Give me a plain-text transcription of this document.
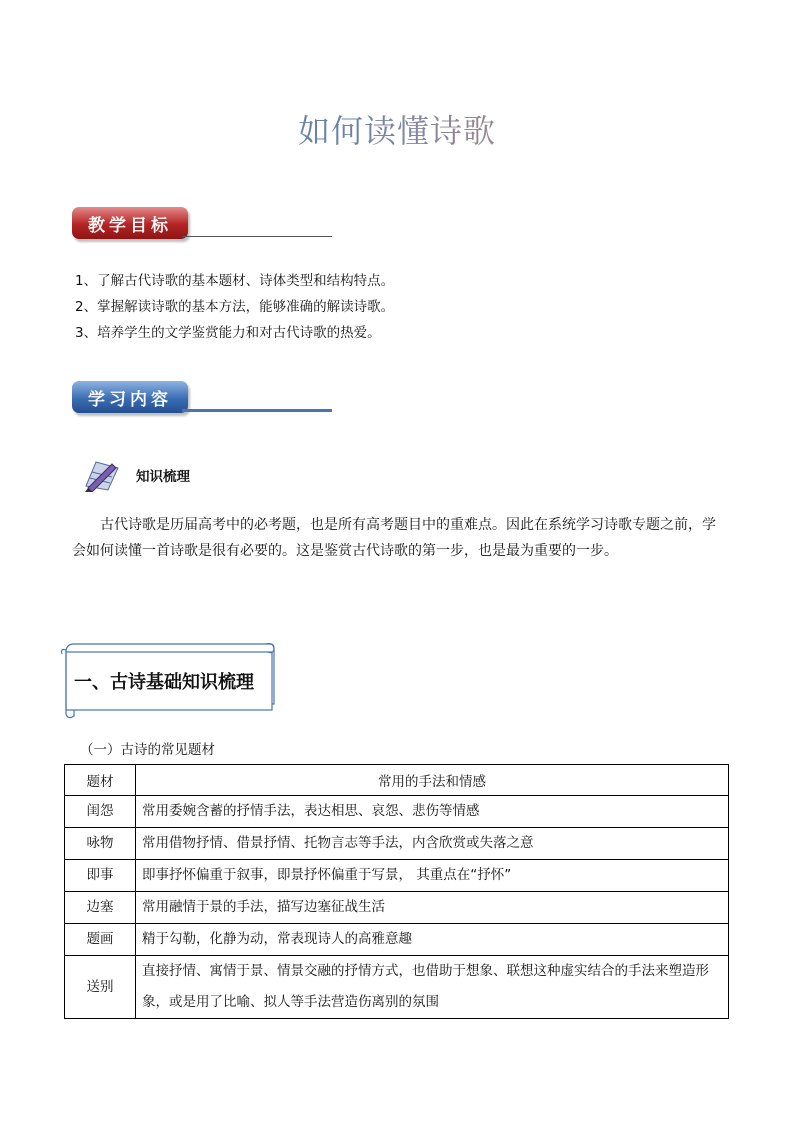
如何读懂诗歌
教学目标
1、了解古代诗歌的基本题材、诗体类型和结构特点。
2、掌握解读诗歌的基本方法，能够准确的解读诗歌。
3、培养学生的文学鉴赏能力和对古代诗歌的热爱。
学习内容
知识梳理
古代诗歌是历届高考中的必考题，也是所有高考题目中的重难点。因此在系统学习诗歌专题之前，学会如何读懂一首诗歌是很有必要的。这是鉴赏古代诗歌的第一步，也是最为重要的一步。
一、古诗基础知识梳理
（一）古诗的常见题材
题材	常用的手法和情感
闺怨	常用委婉含蓄的抒情手法，表达相思、哀怨、悲伤等情感
咏物	常用借物抒情、借景抒情、托物言志等手法，内含欣赏或失落之意
即事	即事抒怀偏重于叙事，即景抒怀偏重于写景， 其重点在“抒怀”
边塞	常用融情于景的手法，描写边塞征战生活
题画	精于勾勒，化静为动，常表现诗人的高雅意趣
送别	直接抒情、寓情于景、情景交融的抒情方式，也借助于想象、联想这种虚实结合的手法来塑造形象，或是用了比喻、拟人等手法营造伤离别的氛围
